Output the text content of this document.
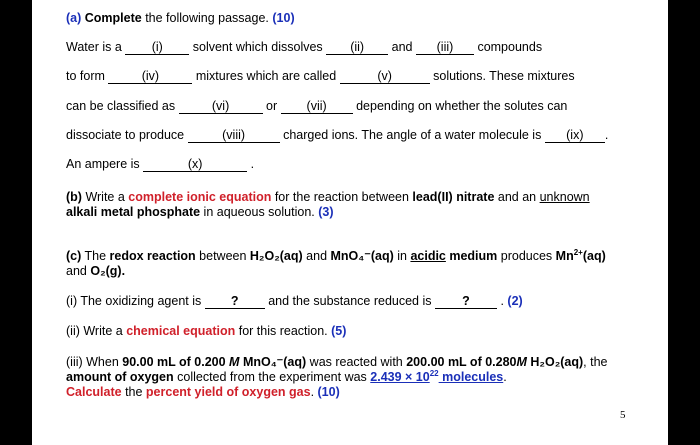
(a) Complete the following passage. (10)
Water is a (i) solvent which dissolves (ii) and (iii) compounds
to form	(iv)	mixtures which are called	(v)	solutions. These mixtures
can be classified as	(vi)	or (vii) depending on whether the solutes can
dissociate to produce	(viii)	charged ions. The angle of a water molecule is (ix) .
An ampere is	(x)	.
(b) Write a complete ionic equation for the reaction between lead(II) nitrate and an unknown
alkali metal phosphate in aqueous solution. (3)
(c) The redox reaction between H₂O₂(aq) and MnO₄⁻(aq) in acidic medium produces $Mn^{2+}(aq)$
and O₂(g).
(i) The oxidizing agent is ? and the substance reduced is ? . (2)
(ii) Write a chemical equation for this reaction. (5)
(iii) When 90.00 mL of 0.200 M MnO₄⁻(aq) was reacted with 200.00 mL of 0.280M H₂O₂(aq), the
amount of oxygen collected from the experiment was $2.439 \times 10^{22}$ molecules.
Calculate the percent yield of oxygen gas. (10)
5
